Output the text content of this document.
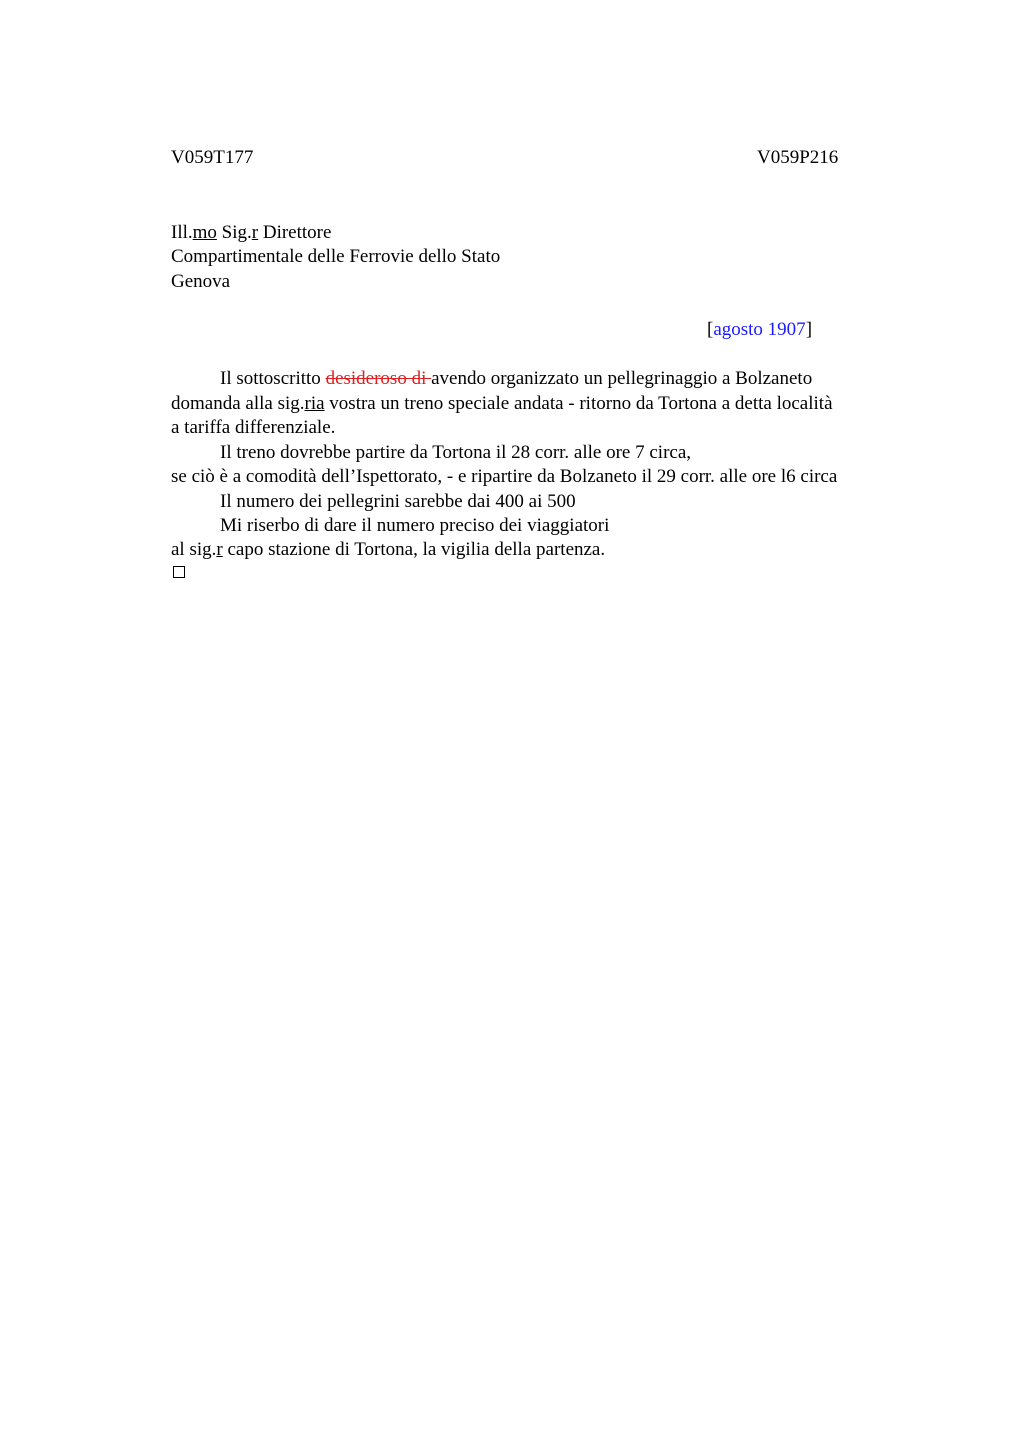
V059T177	V059P216
Ill.mo Sig.r Direttore
Compartimentale delle Ferrovie dello Stato
Genova
[agosto 1907]
Il sottoscritto desideroso di avendo organizzato un pellegrinaggio a Bolzaneto
domanda alla sig.ria vostra un treno speciale andata - ritorno da Tortona a detta località
a tariffa differenziale.
Il treno dovrebbe partire da Tortona il 28 corr. alle ore 7 circa,
se ciò è a comodità dell’Ispettorato, - e ripartire da Bolzaneto il 29 corr. alle ore l6 circa
Il numero dei pellegrini sarebbe dai 400 ai 500
Mi riserbo di dare il numero preciso dei viaggiatori
al sig.r capo stazione di Tortona, la vigilia della partenza.
